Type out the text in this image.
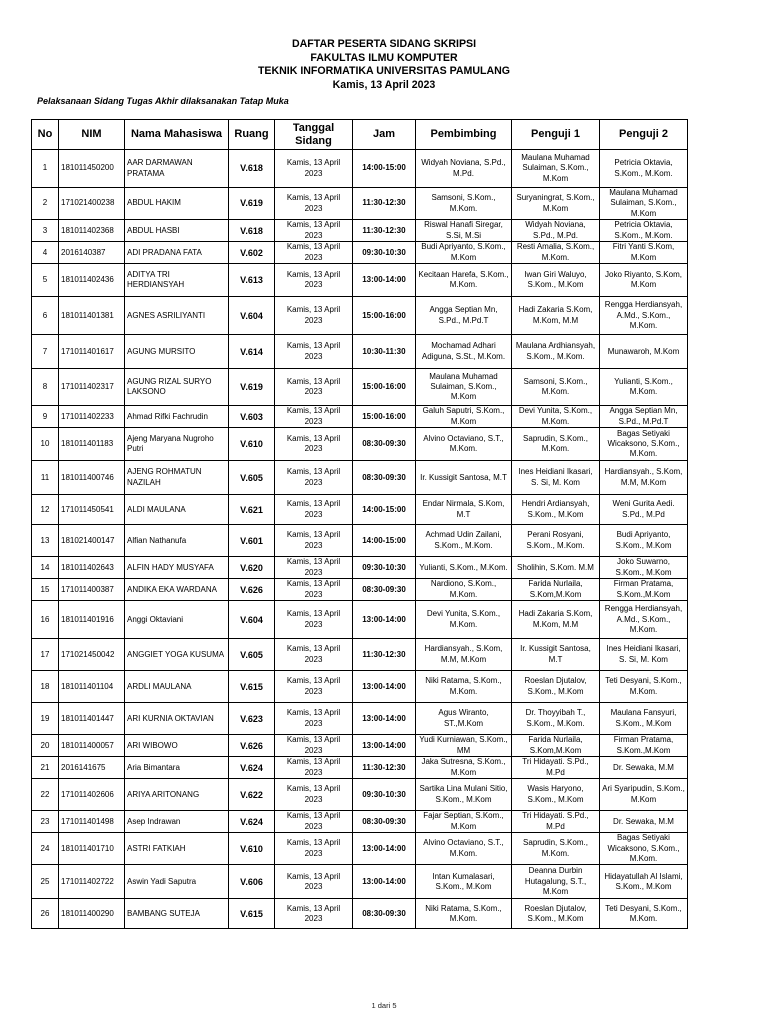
DAFTAR PESERTA SIDANG SKRIPSI
FAKULTAS ILMU KOMPUTER
TEKNIK INFORMATIKA UNIVERSITAS PAMULANG
Kamis, 13 April 2023
Pelaksanaan Sidang Tugas Akhir dilaksanakan Tatap Muka
No	NIM	Nama Mahasiswa	Ruang	Tanggal Sidang	Jam	Pembimbing	Penguji 1	Penguji 2
1	181011450200	AAR DARMAWAN PRATAMA	V.618	Kamis, 13 April 2023	14:00-15:00	Widyah Noviana, S.Pd., M.Pd.	Maulana Muhamad Sulaiman, S.Kom., M.Kom	Petricia Oktavia, S.Kom., M.Kom.
2	171021400238	ABDUL HAKIM	V.619	Kamis, 13 April 2023	11:30-12:30	Samsoni, S.Kom., M.Kom.	Suryaningrat, S.Kom., M.Kom	Maulana Muhamad Sulaiman, S.Kom., M.Kom
3	181011402368	ABDUL HASBI	V.618	Kamis, 13 April 2023	11:30-12:30	Riswal Hanafi Siregar, S.Si, M.Si	Widyah Noviana, S.Pd., M.Pd.	Petricia Oktavia, S.Kom., M.Kom.
4	2016140387	ADI PRADANA FATA	V.602	Kamis, 13 April 2023	09:30-10:30	Budi Apriyanto, S.Kom., M.Kom	Resti Amalia, S.Kom., M.Kom.	Fitri Yanti S.Kom, M.Kom
5	181011402436	ADITYA TRI HERDIANSYAH	V.613	Kamis, 13 April 2023	13:00-14:00	Kecitaan Harefa, S.Kom., M.Kom.	Iwan Giri Waluyo, S.Kom., M.Kom	Joko Riyanto, S.Kom, M.Kom
6	181011401381	AGNES ASRILIYANTI	V.604	Kamis, 13 April 2023	15:00-16:00	Angga Septian Mn, S.Pd., M.Pd.T	Hadi Zakaria S.Kom, M.Kom, M.M	Rengga Herdiansyah, A.Md., S.Kom., M.Kom.
7	171011401617	AGUNG MURSITO	V.614	Kamis, 13 April 2023	10:30-11:30	Mochamad Adhari Adiguna, S.St., M.Kom.	Maulana Ardhiansyah, S.Kom., M.Kom.	Munawaroh, M.Kom
8	171011402317	AGUNG RIZAL SURYO LAKSONO	V.619	Kamis, 13 April 2023	15:00-16:00	Maulana Muhamad Sulaiman, S.Kom., M.Kom	Samsoni, S.Kom., M.Kom.	Yulianti, S.Kom., M.Kom.
9	171011402233	Ahmad Rifki Fachrudin	V.603	Kamis, 13 April 2023	15:00-16:00	Galuh Saputri, S.Kom., M.Kom	Devi Yunita, S.Kom., M.Kom.	Angga Septian Mn, S.Pd., M.Pd.T
10	181011401183	Ajeng Maryana Nugroho Putri	V.610	Kamis, 13 April 2023	08:30-09:30	Alvino Octaviano, S.T., M.Kom.	Saprudin, S.Kom., M.Kom.	Bagas Setiyaki Wicaksono, S.Kom., M.Kom.
11	181011400746	AJENG ROHMATUN NAZILAH	V.605	Kamis, 13 April 2023	08:30-09:30	Ir. Kussigit Santosa, M.T	Ines Heidiani Ikasari, S. Si, M. Kom	Hardiansyah., S.Kom, M.M, M.Kom
12	171011450541	ALDI MAULANA	V.621	Kamis, 13 April 2023	14:00-15:00	Endar Nirmala, S.Kom, M.T	Hendri Ardiansyah, S.Kom., M.Kom	Weni Gurita Aedi. S.Pd., M.Pd
13	181021400147	Alfian Nathanufa	V.601	Kamis, 13 April 2023	14:00-15:00	Achmad Udin Zailani, S.Kom., M.Kom.	Perani Rosyani, S.Kom., M.Kom.	Budi Apriyanto, S.Kom., M.Kom
14	181011402643	ALFIN HADY MUSYAFA	V.620	Kamis, 13 April 2023	09:30-10:30	Yulianti, S.Kom., M.Kom.	Sholihin, S.Kom. M.M	Joko Suwarno, S.Kom., M.Kom
15	171011400387	ANDIKA EKA WARDANA	V.626	Kamis, 13 April 2023	08:30-09:30	Nardiono, S.Kom., M.Kom.	Farida Nurlaila, S.Kom,M.Kom	Firman Pratama, S.Kom.,M.Kom
16	181011401916	Anggi Oktaviani	V.604	Kamis, 13 April 2023	13:00-14:00	Devi Yunita, S.Kom., M.Kom.	Hadi Zakaria S.Kom, M.Kom, M.M	Rengga Herdiansyah, A.Md., S.Kom., M.Kom.
17	171021450042	ANGGIET YOGA KUSUMA	V.605	Kamis, 13 April 2023	11:30-12:30	Hardiansyah., S.Kom, M.M, M.Kom	Ir. Kussigit Santosa, M.T	Ines Heidiani Ikasari, S. Si, M. Kom
18	181011401104	ARDLI MAULANA	V.615	Kamis, 13 April 2023	13:00-14:00	Niki Ratama, S.Kom., M.Kom.	Roeslan Djutalov, S.Kom., M.Kom	Teti Desyani, S.Kom., M.Kom.
19	181011401447	ARI KURNIA OKTAVIAN	V.623	Kamis, 13 April 2023	13:00-14:00	Agus Wiranto, ST.,M.Kom	Dr. Thoyyibah T., S.Kom., M.Kom.	Maulana Fansyuri, S.Kom., M.Kom
20	181011400057	ARI WIBOWO	V.626	Kamis, 13 April 2023	13:00-14:00	Yudi Kurniawan, S.Kom., MM	Farida Nurlaila, S.Kom,M.Kom	Firman Pratama, S.Kom.,M.Kom
21	2016141675	Aria Bimantara	V.624	Kamis, 13 April 2023	11:30-12:30	Jaka Sutresna, S.Kom., M.Kom	Tri Hidayati. S.Pd., M.Pd	Dr. Sewaka, M.M
22	171011402606	ARIYA ARITONANG	V.622	Kamis, 13 April 2023	09:30-10:30	Sartika Lina Mulani Sitio, S.Kom., M.Kom	Wasis Haryono, S.Kom., M.Kom	Ari Syaripudin, S.Kom., M.Kom
23	171011401498	Asep Indrawan	V.624	Kamis, 13 April 2023	08:30-09:30	Fajar Septian, S.Kom., M.Kom	Tri Hidayati. S.Pd., M.Pd	Dr. Sewaka, M.M
24	181011401710	ASTRI FATKIAH	V.610	Kamis, 13 April 2023	13:00-14:00	Alvino Octaviano, S.T., M.Kom.	Saprudin, S.Kom., M.Kom.	Bagas Setiyaki Wicaksono, S.Kom., M.Kom.
25	171011402722	Aswin Yadi Saputra	V.606	Kamis, 13 April 2023	13:00-14:00	Intan Kumalasari, S.Kom., M.Kom	Deanna Durbin Hutagalung, S.T., M.Kom	Hidayatullah Al Islami, S.Kom., M.Kom
26	181011400290	BAMBANG SUTEJA	V.615	Kamis, 13 April 2023	08:30-09:30	Niki Ratama, S.Kom., M.Kom.	Roeslan Djutalov, S.Kom., M.Kom	Teti Desyani, S.Kom., M.Kom.
1 dari 5
